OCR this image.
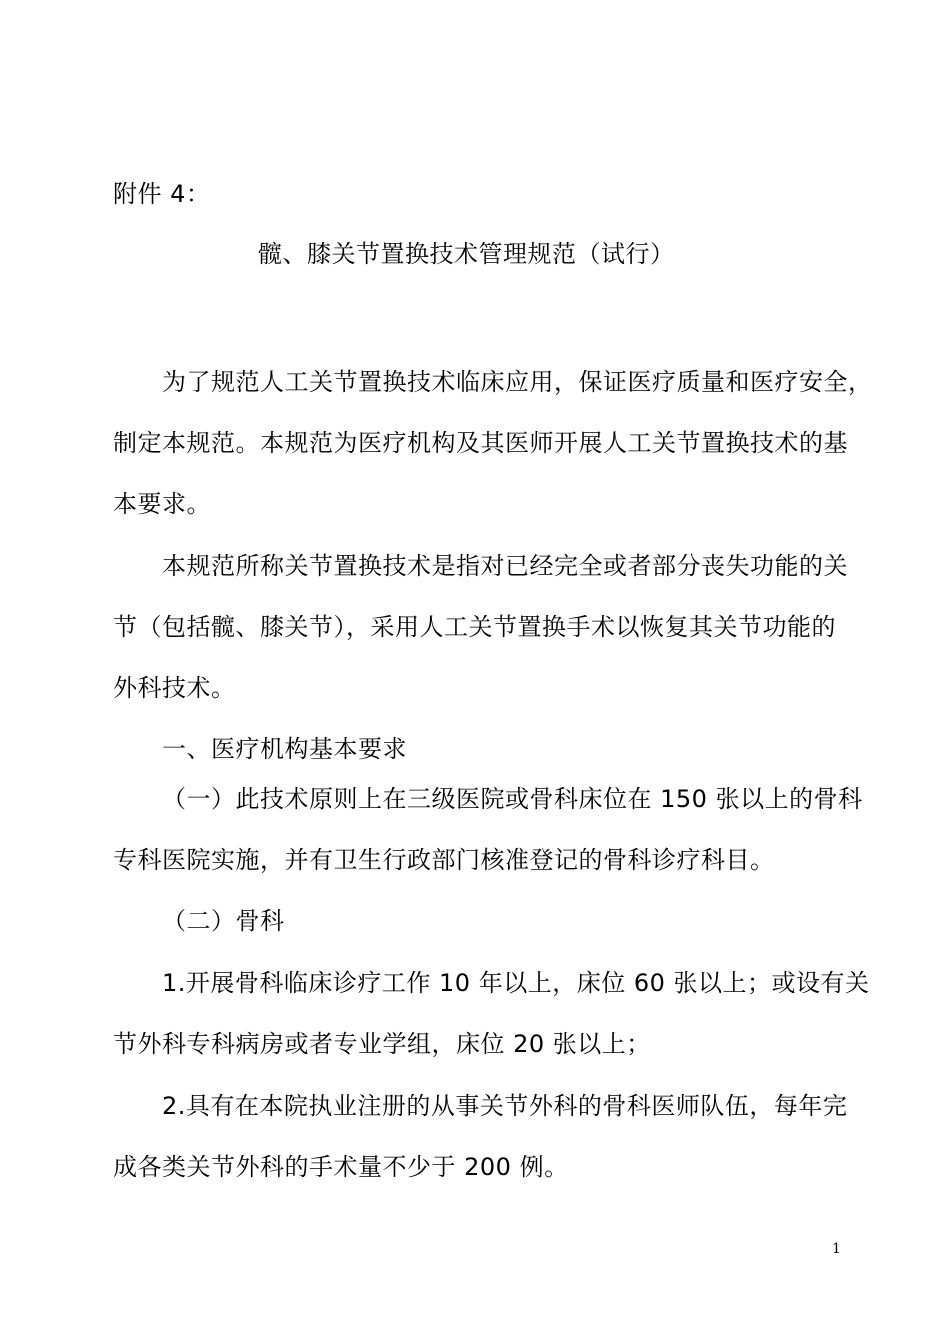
附件 4：
髋、膝关节置换技术管理规范（试行）
为了规范人工关节置换技术临床应用，保证医疗质量和医疗安全，
制定本规范。本规范为医疗机构及其医师开展人工关节置换技术的基
本要求。
本规范所称关节置换技术是指对已经完全或者部分丧失功能的关
节（包括髋、膝关节），采用人工关节置换手术以恢复其关节功能的
外科技术。
一、医疗机构基本要求
（一）此技术原则上在三级医院或骨科床位在 150 张以上的骨科
专科医院实施，并有卫生行政部门核准登记的骨科诊疗科目。
（二）骨科
1.开展骨科临床诊疗工作 10 年以上，床位 60 张以上；或设有关
节外科专科病房或者专业学组，床位 20 张以上；
2.具有在本院执业注册的从事关节外科的骨科医师队伍，每年完
成各类关节外科的手术量不少于 200 例。
1
